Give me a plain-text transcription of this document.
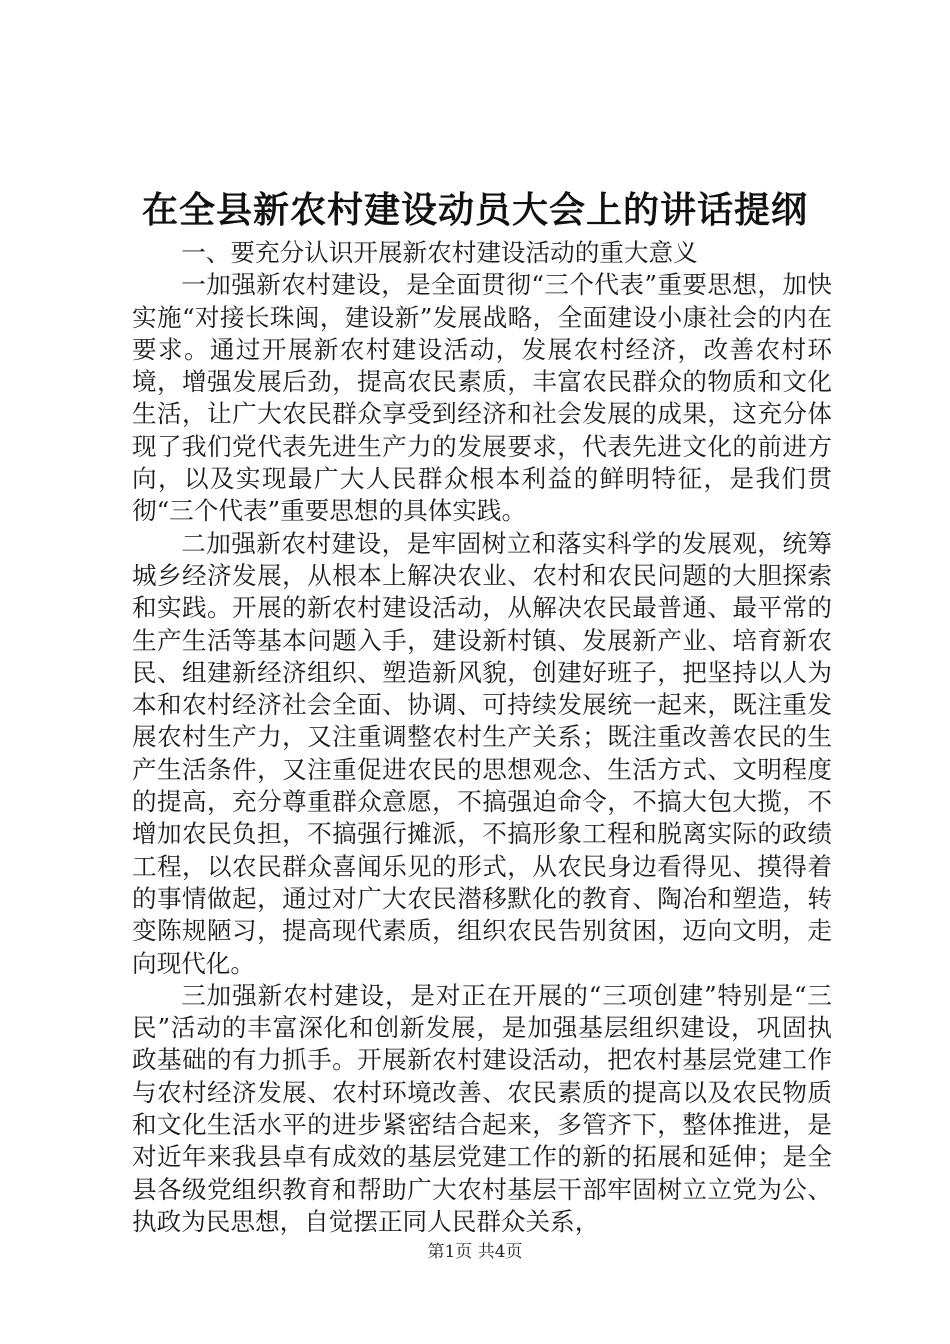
在全县新农村建设动员大会上的讲话提纲

一、要充分认识开展新农村建设活动的重大意义

一加强新农村建设，是全面贯彻“三个代表”重要思想，加快实施“对接长珠闽，建设新”发展战略，全面建设小康社会的内在要求。通过开展新农村建设活动，发展农村经济，改善农村环境，增强发展后劲，提高农民素质，丰富农民群众的物质和文化生活，让广大农民群众享受到经济和社会发展的成果，这充分体现了我们党代表先进生产力的发展要求，代表先进文化的前进方向，以及实现最广大人民群众根本利益的鲜明特征，是我们贯彻“三个代表”重要思想的具体实践。

二加强新农村建设，是牢固树立和落实科学的发展观，统筹城乡经济发展，从根本上解决农业、农村和农民问题的大胆探索和实践。开展的新农村建设活动，从解决农民最普通、最平常的生产生活等基本问题入手，建设新村镇、发展新产业、培育新农民、组建新经济组织、塑造新风貌，创建好班子，把坚持以人为本和农村经济社会全面、协调、可持续发展统一起来，既注重发展农村生产力，又注重调整农村生产关系；既注重改善农民的生产生活条件，又注重促进农民的思想观念、生活方式、文明程度的提高，充分尊重群众意愿，不搞强迫命令，不搞大包大揽，不增加农民负担，不搞强行摊派，不搞形象工程和脱离实际的政绩工程，以农民群众喜闻乐见的形式，从农民身边看得见、摸得着的事情做起，通过对广大农民潜移默化的教育、陶冶和塑造，转变陈规陋习，提高现代素质，组织农民告别贫困，迈向文明，走向现代化。

三加强新农村建设，是对正在开展的“三项创建”特别是“三民”活动的丰富深化和创新发展，是加强基层组织建设，巩固执政基础的有力抓手。开展新农村建设活动，把农村基层党建工作与农村经济发展、农村环境改善、农民素质的提高以及农民物质和文化生活水平的进步紧密结合起来，多管齐下，整体推进，是对近年来我县卓有成效的基层党建工作的新的拓展和延伸；是全县各级党组织教育和帮助广大农村基层干部牢固树立立党为公、执政为民思想，自觉摆正同人民群众关系，

第1页 共4页
